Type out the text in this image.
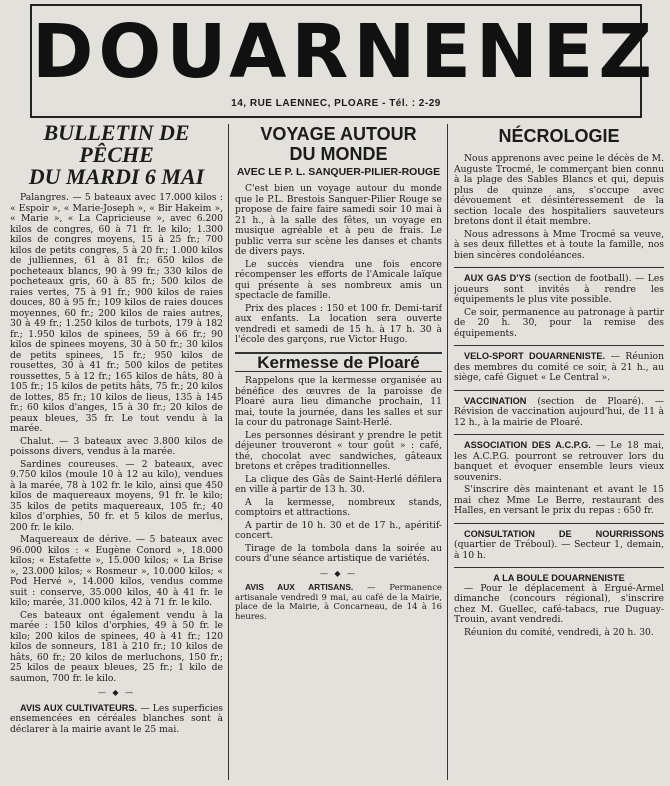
DOUARNENEZ
14, RUE LAENNEC, PLOARE - Tél. : 2-29
BULLETIN DE PÊCHE
DU MARDI 6 MAI

Palangres. — 5 bateaux avec 17.000 kilos : « Espoir », « Marie-Joseph », « Bir Hakeim », « Marie », « La Capricieuse », avec 6.200 kilos de congres, 60 à 71 fr. le kilo; 1.300 kilos de congres moyens, 15 à 25 fr.; 700 kilos de petits congres, 5 à 20 fr.; 1.000 kilos de julliennes, 61 à 81 fr.; 650 kilos de pocheteaux blancs, 90 à 99 fr.; 330 kilos de pocheteaux gris, 60 à 85 fr.; 500 kilos de raies vertes, 75 à 91 fr.; 900 kilos de raies douces, 80 à 95 fr.; 109 kilos de raies douces moyennes, 60 fr.; 200 kilos de raies autres, 30 à 49 fr.; 1.250 kilos de turbots, 179 à 182 fr.; 1.950 kilos de spinees, 59 à 66 fr.; 90 kilos de spinees moyens, 30 à 50 fr.; 30 kilos de petits spinees, 15 fr.; 950 kilos de rousettes, 30 à 41 fr.; 500 kilos de petites roussettes, 5 à 12 fr.; 165 kilos de hâts, 80 à 105 fr.; 15 kilos de petits hâts, 75 fr.; 20 kilos de lottes, 85 fr.; 10 kilos de lieus, 135 à 145 fr.; 60 kilos d'anges, 15 à 30 fr.; 20 kilos de peaux bleues, 35 fr. Le tout vendu à la marée.

Chalut. — 3 bateaux avec 3.800 kilos de poissons divers, vendus à la marée.

Sardines coureuses. — 2 bateaux, avec 9.750 kilos (moule 10 à 12 au kilo), vendues à la marée, 78 à 102 fr. le kilo, ainsi que 450 kilos de maquereaux moyens, 91 fr. le kilo; 35 kilos de petits maquereaux, 105 fr.; 40 kilos d'orphies, 50 fr. et 5 kilos de merlus, 200 fr. le kilo.

Maquereaux de dérive. — 5 bateaux avec 96.000 kilos : « Eugène Conord », 18.000 kilos; « Estafette », 15.000 kilos; « La Brise », 23.000 kilos; « Rosmeur », 10.000 kilos; « Pod Hervé », 14.000 kilos, vendus comme suit : conserve, 35.000 kilos, 40 à 41 fr. le kilo; marée, 31.000 kilos, 42 à 71 fr. le kilo.

Ces bateaux ont également vendu à la marée : 150 kilos d'orphies, 49 à 50 fr. le kilo; 200 kilos de spinees, 40 à 41 fr.; 120 kilos de sonneurs, 181 à 210 fr.; 10 kilos de hâts, 60 fr.; 20 kilos de merluchons, 150 fr.; 25 kilos de peaux bleues, 25 fr.; 1 kilo de saumon, 700 fr. le kilo.

— ◆ —

AVIS AUX CULTIVATEURS. — Les superficies ensemencées en céréales blanches sont à déclarer à la mairie avant le 25 mai.

VOYAGE AUTOUR
DU MONDE
AVEC LE P. L. SANQUER-PILIER-ROUGE

C'est bien un voyage autour du monde que le P.L. Brestois Sanquer-Pilier Rouge se propose de faire faire samedi soir 10 mai à 21 h., à la salle des fêtes, un voyage en musique agréable et à peu de frais. Le public verra sur scène les danses et chants de divers pays.

Le succès viendra une fois encore récompenser les efforts de l'Amicale laïque qui présente à ses nombreux amis un spectacle de famille.

Prix des places : 150 et 100 fr. Demi-tarif aux enfants. La location sera ouverte vendredi et samedi de 15 h. à 17 h. 30 à l'école des garçons, rue Victor Hugo.

Kermesse de Ploaré

Rappelons que la kermesse organisée au bénéfice des œuvres de la paroisse de Ploaré aura lieu dimanche prochain, 11 mai, toute la journée, dans les salles et sur la cour du patronage Saint-Herlé.

Les personnes désirant y prendre le petit déjeuner trouveront « tour goût » : café, thé, chocolat avec sandwiches, gâteaux bretons et crêpes traditionnelles.

La clique des Gâs de Saint-Herlé défilera en ville à partir de 13 h. 30.

A la kermesse, nombreux stands, comptoirs et attractions.

A partir de 10 h. 30 et de 17 h., apéritif-concert.

Tirage de la tombola dans la soirée au cours d'une séance artistique de variétés.

— ◆ —

AVIS AUX ARTISANS. — Permanence artisanale vendredi 9 mai, au café de la Mairie, place de la Mairie, à Concarneau, de 14 à 16 heures.

NÉCROLOGIE

Nous apprenons avec peine le décès de M. Auguste Trocmé, le commerçant bien connu à la plage des Sables Blancs et qui, depuis plus de quinze ans, s'occupe avec dévouement et désintéressement de la section locale des hospitaliers sauveteurs bretons dont il était membre.

Nous adressons à Mme Trocmé sa veuve, à ses deux fillettes et à toute la famille, nos bien sincères condoléances.

AUX GAS D'YS (section de football). — Les joueurs sont invités à rendre les équipements le plus vite possible.

Ce soir, permanence au patronage à partir de 20 h. 30, pour la remise des équipements.

VELO-SPORT DOUARNENISTE. — Réunion des membres du comité ce soir, à 21 h., au siège, café Giguet « Le Central ».

VACCINATION (section de Ploaré). — Révision de vaccination aujourd'hui, de 11 à 12 h., à la mairie de Ploaré.

ASSOCIATION DES A.C.P.G. — Le 18 mai, les A.C.P.G. pourront se retrouver lors du banquet et évoquer ensemble leurs vieux souvenirs.

S'inscrire dès maintenant et avant le 15 mai chez Mme Le Berre, restaurant des Halles, en versant le prix du repas : 650 fr.

CONSULTATION DE NOURRISSONS (quartier de Tréboul). — Secteur 1, demain, à 10 h.

A LA BOULE DOUARNENISTE

— Pour le déplacement à Ergué-Armel dimanche (concours régional), s'inscrire chez M. Guellec, café-tabacs, rue Duguay-Trouin, avant vendredi.

Réunion du comité, vendredi, à 20 h. 30.
